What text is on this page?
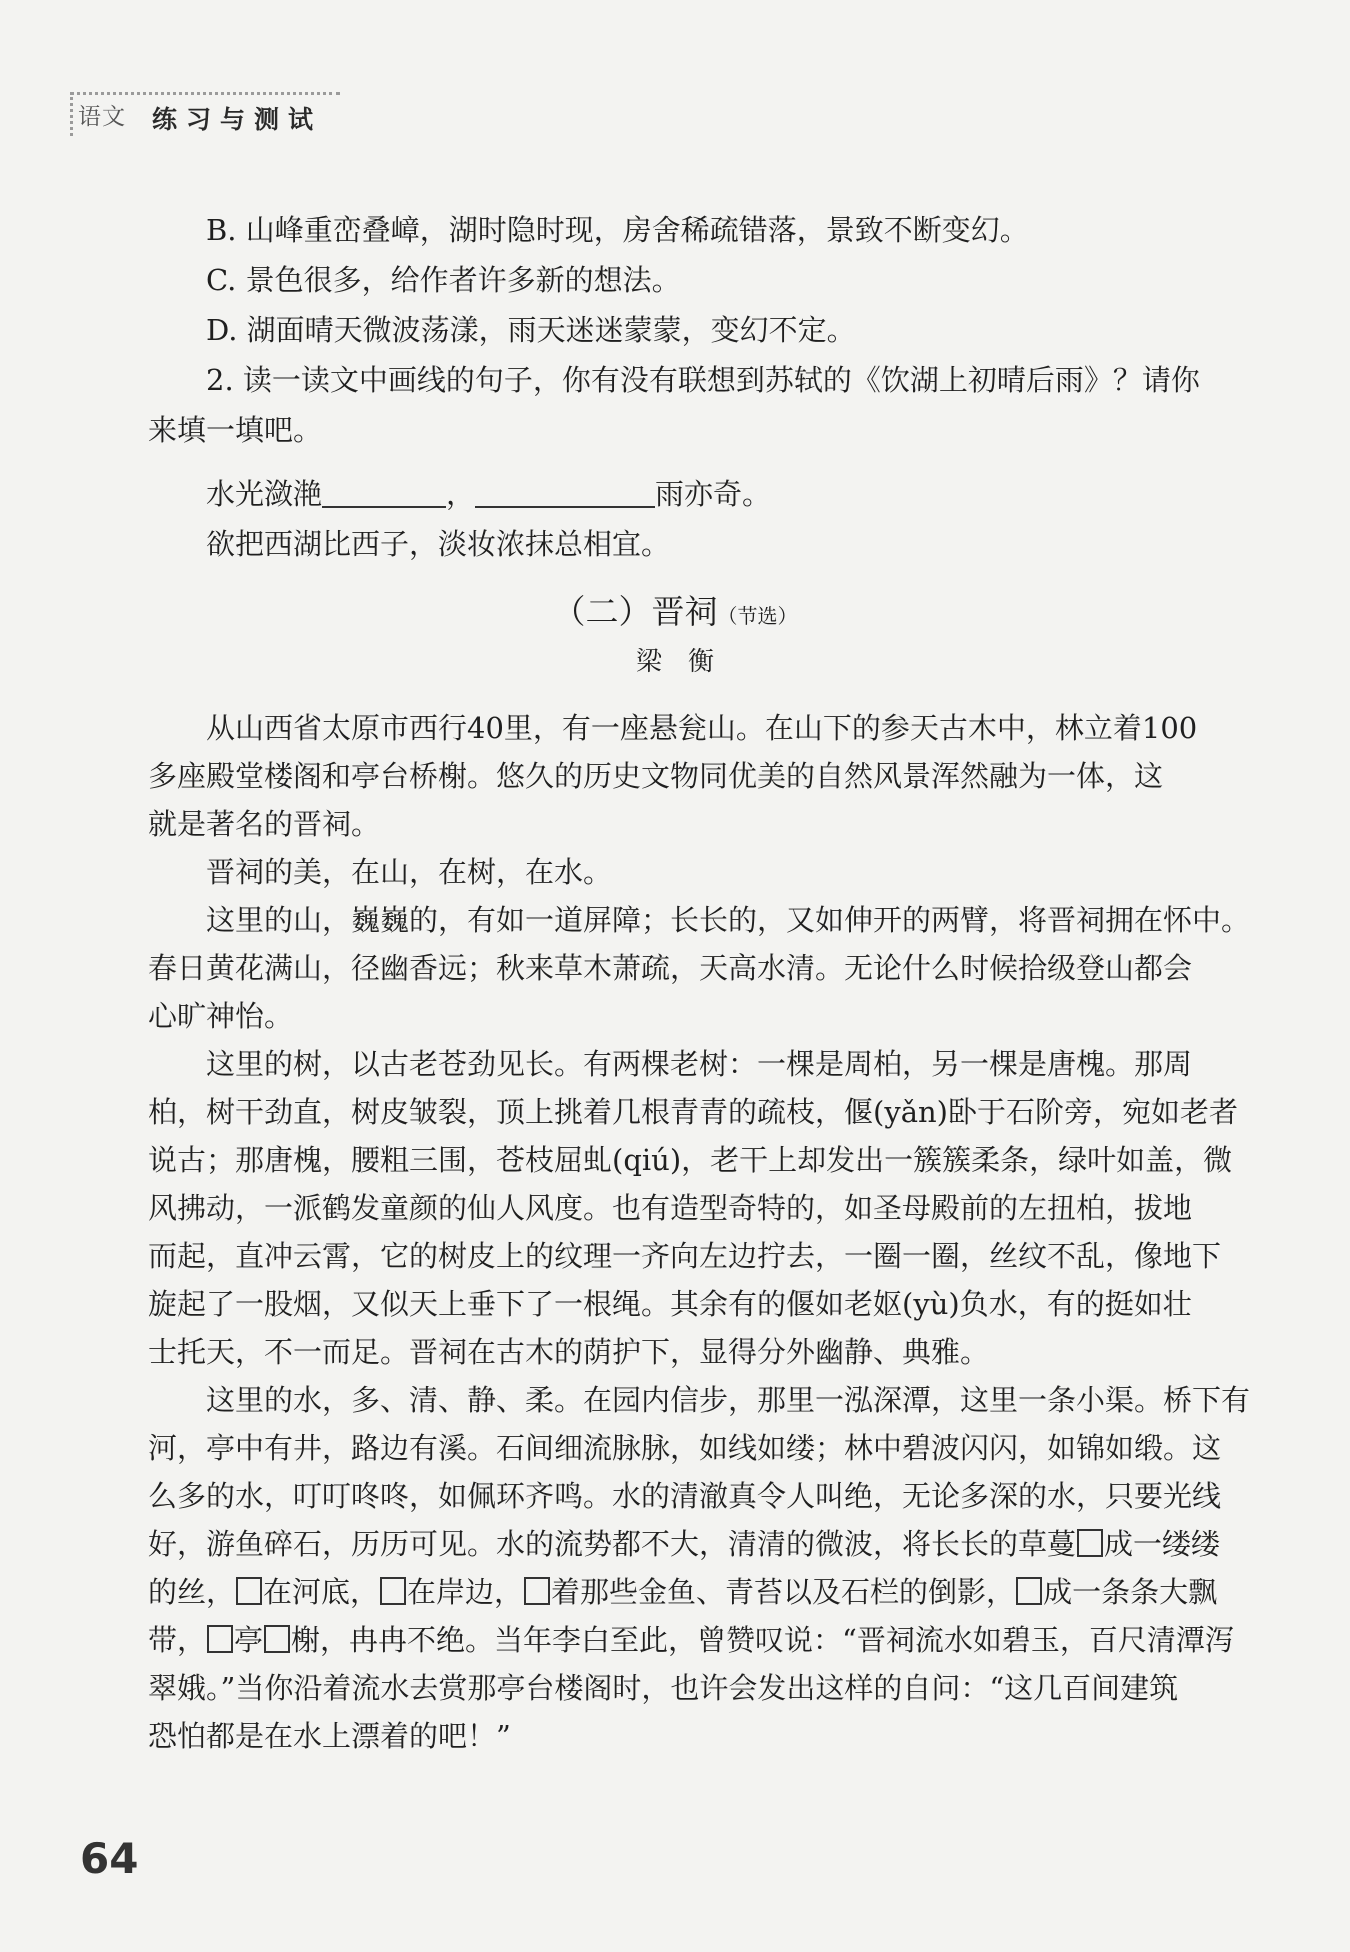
语文 练习与测试
B. 山峰重峦叠嶂，湖时隐时现，房舍稀疏错落，景致不断变幻。
C. 景色很多，给作者许多新的想法。
D. 湖面晴天微波荡漾，雨天迷迷蒙蒙，变幻不定。
2. 读一读文中画线的句子，你有没有联想到苏轼的《饮湖上初晴后雨》？请你
来填一填吧。
水光潋滟	，	雨亦奇。
欲把西湖比西子，淡妆浓抹总相宜。
（二）晋祠（节选）
梁衡
从山西省太原市西行40里，有一座悬瓮山。在山下的参天古木中，林立着100
多座殿堂楼阁和亭台桥榭。悠久的历史文物同优美的自然风景浑然融为一体，这
就是著名的晋祠。
晋祠的美，在山，在树，在水。
这里的山，巍巍的，有如一道屏障；长长的，又如伸开的两臂，将晋祠拥在怀中。
春日黄花满山，径幽香远；秋来草木萧疏，天高水清。无论什么时候拾级登山都会
心旷神怡。
这里的树，以古老苍劲见长。有两棵老树：一棵是周柏，另一棵是唐槐。那周
柏，树干劲直，树皮皱裂，顶上挑着几根青青的疏枝，偃(yǎn)卧于石阶旁，宛如老者
说古；那唐槐，腰粗三围，苍枝屈虬(qiú)，老干上却发出一簇簇柔条，绿叶如盖，微
风拂动，一派鹤发童颜的仙人风度。也有造型奇特的，如圣母殿前的左扭柏，拔地
而起，直冲云霄，它的树皮上的纹理一齐向左边拧去，一圈一圈，丝纹不乱，像地下
旋起了一股烟，又似天上垂下了一根绳。其余有的偃如老妪(yù)负水，有的挺如壮
士托天，不一而足。晋祠在古木的荫护下，显得分外幽静、典雅。
这里的水，多、清、静、柔。在园内信步，那里一泓深潭，这里一条小渠。桥下有
河，亭中有井，路边有溪。石间细流脉脉，如线如缕；林中碧波闪闪，如锦如缎。这
么多的水，叮叮咚咚，如佩环齐鸣。水的清澈真令人叫绝，无论多深的水，只要光线
好，游鱼碎石，历历可见。水的流势都不大，清清的微波，将长长的草蔓 成一缕缕
的丝， 在河底， 在岸边， 着那些金鱼、青苔以及石栏的倒影， 成一条条大飘
带， 亭 榭，冉冉不绝。当年李白至此，曾赞叹说：“晋祠流水如碧玉，百尺清潭泻
翠娥。”当你沿着流水去赏那亭台楼阁时，也许会发出这样的自问：“这几百间建筑
恐怕都是在水上漂着的吧！”
64
